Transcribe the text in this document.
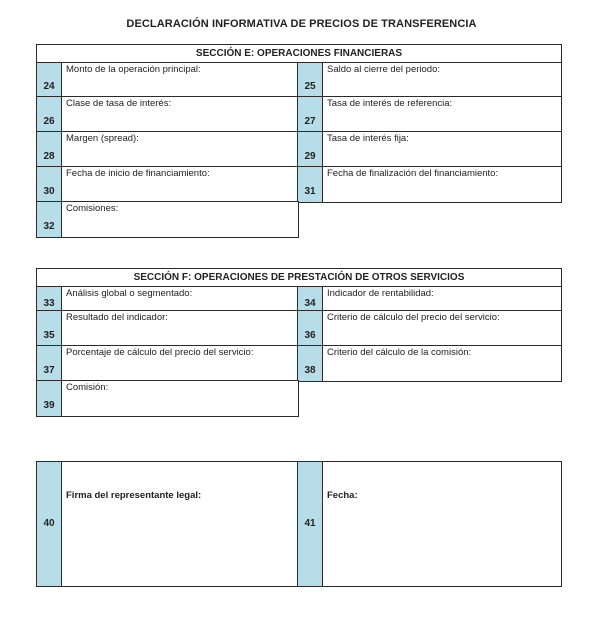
DECLARACIÓN INFORMATIVA DE PRECIOS DE TRANSFERENCIA
SECCIÓN E: OPERACIONES FINANCIERAS
24
Monto de la operación principal:
25
Saldo al cierre del periodo:
26
Clase de tasa de interés:
27
Tasa de interés de referencia:
28
Margen (spread):
29
Tasa de interés fija:
30
Fecha de inicio de financiamiento:
31
Fecha de finalización del financiamiento:
32
Comisiones:
SECCIÓN F: OPERACIONES DE PRESTACIÓN DE OTROS SERVICIOS
33
Análisis global o segmentado:
34
Indicador de rentabilidad:
35
Resultado del indicador:
36
Criterio de cálculo del precio del servicio:
37
Porcentaje de cálculo del precio del servicio:
38
Criterio del cálculo de la comisión:
39
Comisión:
40
Firma del representante legal:
41
Fecha:
